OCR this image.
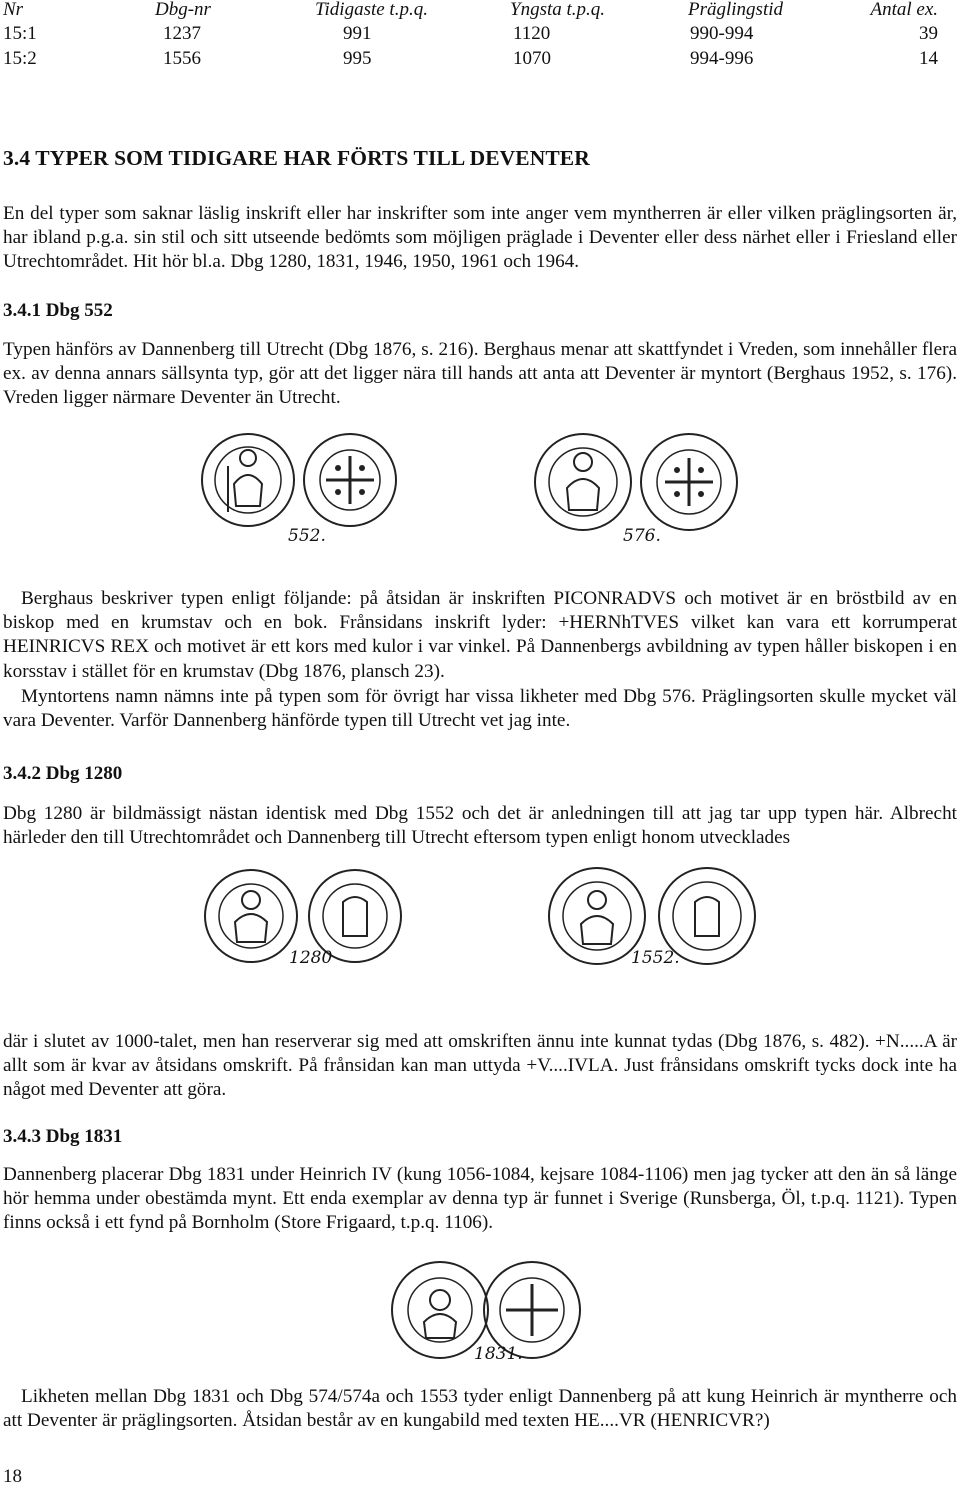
Nr	Dbg-nr	Tidigaste t.p.q.	Yngsta t.p.q.	Präglingstid	Antal ex.
15:1	1237	991	1120	990-994	39
15:2	1556	995	1070	994-996	14
3.4 TYPER SOM TIDIGARE HAR FÖRTS TILL DEVENTER

En del typer som saknar läslig inskrift eller har inskrifter som inte anger vem myntherren är eller vilken präglingsorten är, har ibland p.g.a. sin stil och sitt utseende bedömts som möjligen präglade i Deventer eller dess närhet eller i Friesland eller Utrechtområdet. Hit hör bl.a. Dbg 1280, 1831, 1946, 1950, 1961 och 1964.

3.4.1 Dbg 552

Typen hänförs av Dannenberg till Utrecht (Dbg 1876, s. 216). Berghaus menar att skattfyndet i Vreden, som innehåller flera ex. av denna annars sällsynta typ, gör att det ligger nära till hands att anta att Deventer är myntort (Berghaus 1952, s. 176). Vreden ligger närmare Deventer än Utrecht.

552.	576.

Berghaus beskriver typen enligt följande: på åtsidan är inskriften PICONRADVS och motivet är en bröstbild av en biskop med en krumstav och en bok. Frånsidans inskrift lyder: +HERNhTVES vilket kan vara ett korrumperat HEINRICVS REX och motivet är ett kors med kulor i var vinkel. På Dannenbergs avbildning av typen håller biskopen i en korsstav i stället för en krumstav (Dbg 1876, plansch 23).

Myntortens namn nämns inte på typen som för övrigt har vissa likheter med Dbg 576. Präglingsorten skulle mycket väl vara Deventer. Varför Dannenberg hänförde typen till Utrecht vet jag inte.

3.4.2 Dbg 1280

Dbg 1280 är bildmässigt nästan identisk med Dbg 1552 och det är anledningen till att jag tar upp typen här. Albrecht härleder den till Utrechtområdet och Dannenberg till Utrecht eftersom typen enligt honom utvecklades

1280	1552.

där i slutet av 1000-talet, men han reserverar sig med att omskriften ännu inte kunnat tydas (Dbg 1876, s. 482). +N.....A är allt som är kvar av åtsidans omskrift. På frånsidan kan man uttyda +V....IVLA. Just frånsidans omskrift tycks dock inte ha något med Deventer att göra.

3.4.3 Dbg 1831

Dannenberg placerar Dbg 1831 under Heinrich IV (kung 1056-1084, kejsare 1084-1106) men jag tycker att den än så länge hör hemma under obestämda mynt. Ett enda exemplar av denna typ är funnet i Sverige (Runsberga, Öl, t.p.q. 1121). Typen finns också i ett fynd på Bornholm (Store Frigaard, t.p.q. 1106).

1831.

Likheten mellan Dbg 1831 och Dbg 574/574a och 1553 tyder enligt Dannenberg på att kung Heinrich är myntherre och att Deventer är präglingsorten. Åtsidan består av en kungabild med texten HE....VR (HENRICVR?)

18
